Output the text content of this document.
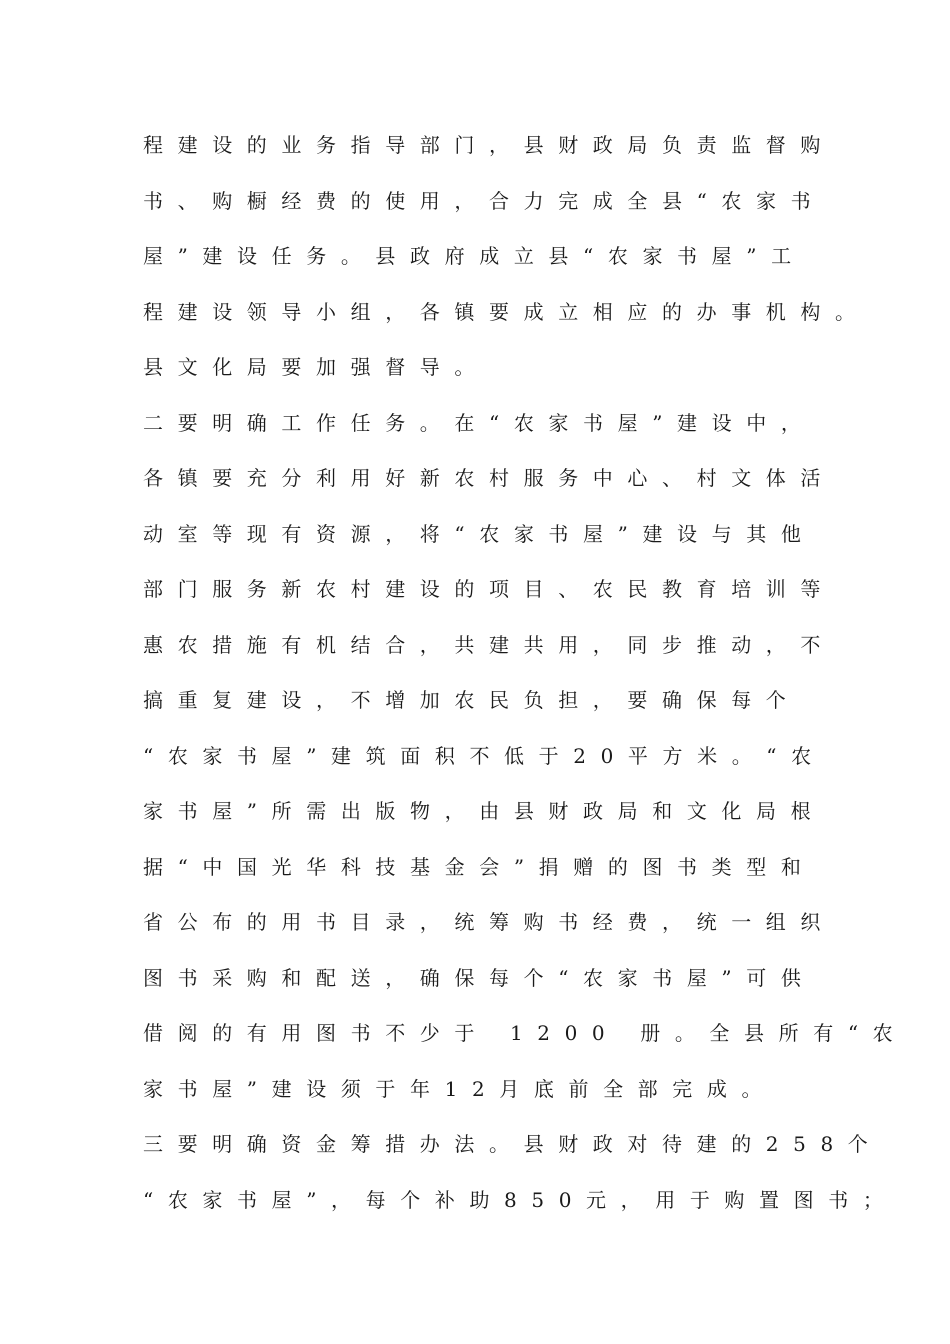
程建设的业务指导部门，县财政局负责监督购
书、购橱经费的使用，合力完成全县“农家书
屋”建设任务。县政府成立县“农家书屋”工
程建设领导小组，各镇要成立相应的办事机构。
县文化局要加强督导。
二要明确工作任务。在“农家书屋”建设中，
各镇要充分利用好新农村服务中心、村文体活
动室等现有资源，将“农家书屋”建设与其他
部门服务新农村建设的项目、农民教育培训等
惠农措施有机结合，共建共用，同步推动，不
搞重复建设，不增加农民负担，要确保每个
“农家书屋”建筑面积不低于20平方米。“农
家书屋”所需出版物，由县财政局和文化局根
据“中国光华科技基金会”捐赠的图书类型和
省公布的用书目录，统筹购书经费，统一组织
图书采购和配送，确保每个“农家书屋”可供
借阅的有用图书不少于 1200 册。全县所有“农
家书屋”建设须于年12月底前全部完成。
三要明确资金筹措办法。县财政对待建的258个
“农家书屋”，每个补助850元，用于购置图书；
